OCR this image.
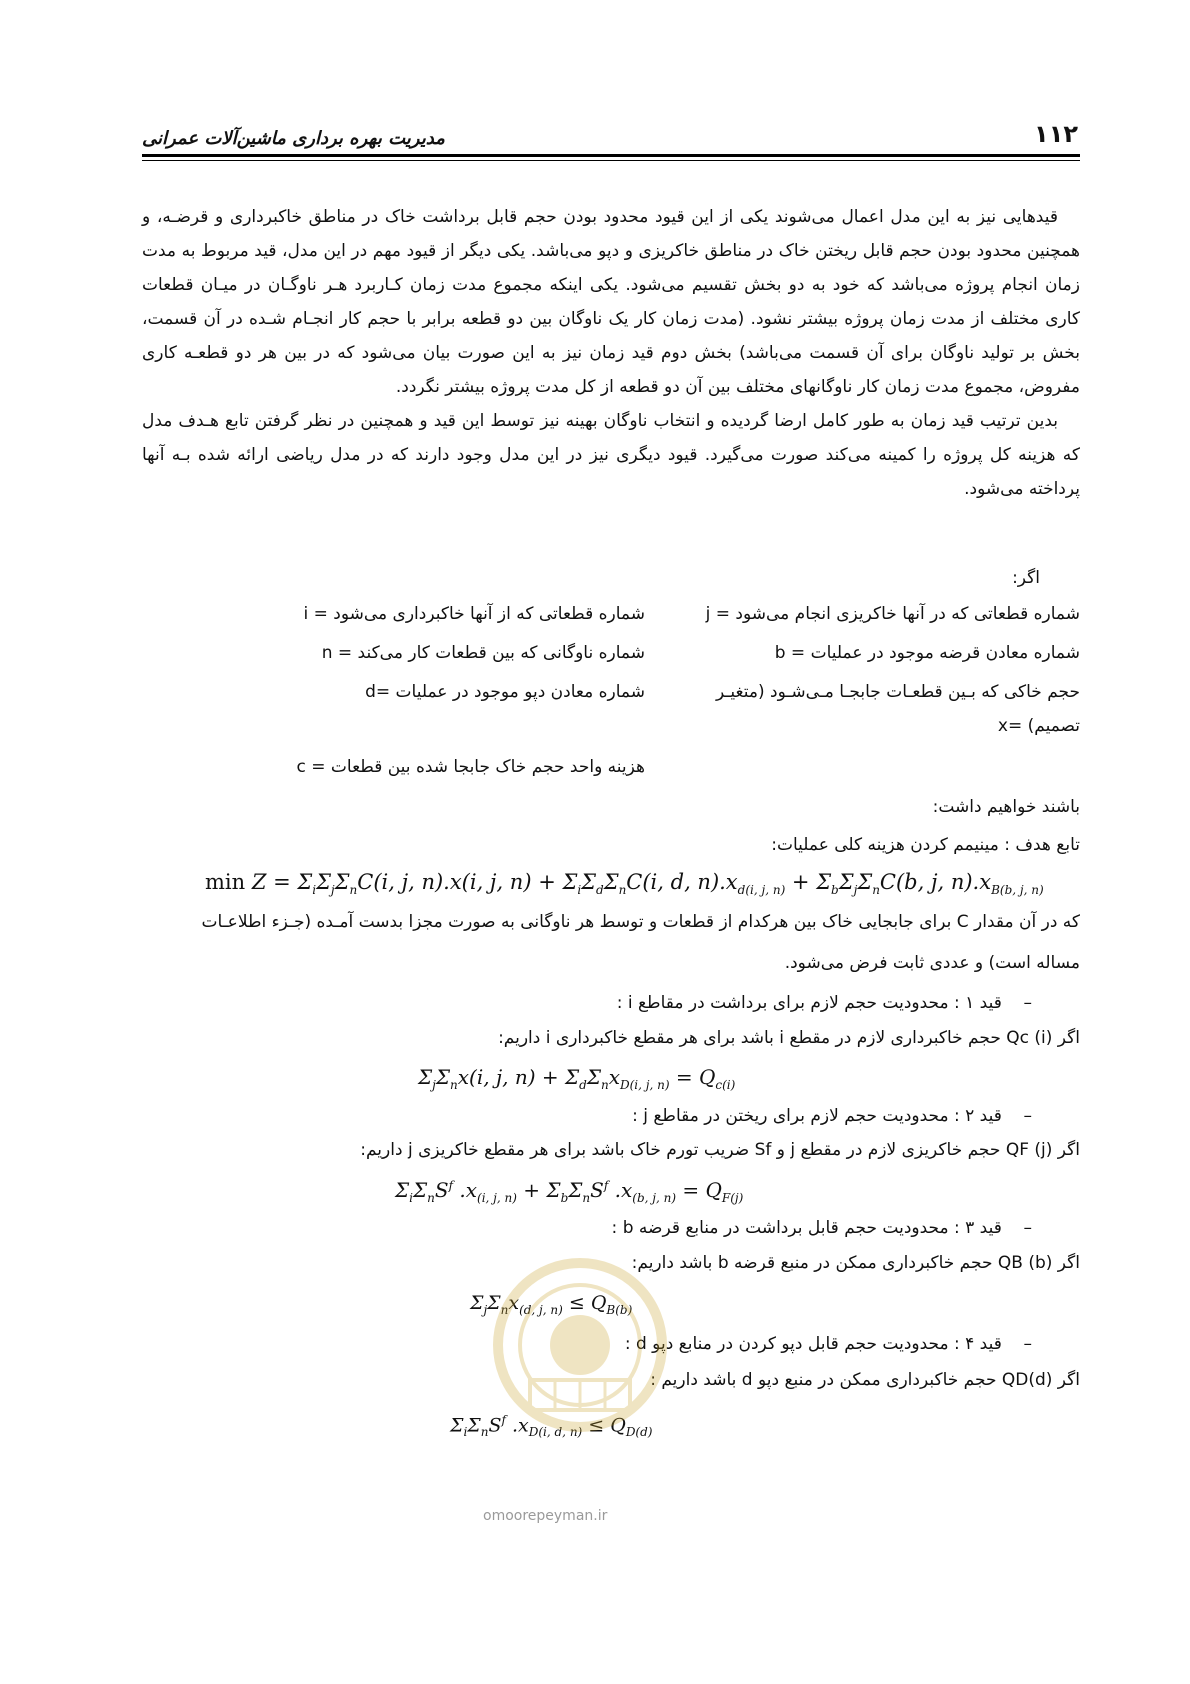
۱۱۲
مدیریت بهره برداری ماشین‌آلات عمرانی

قیدهایی نیز به این مدل اعمال می‌شوند یکی از این قیود محدود بودن حجم قابل برداشت خاک در مناطق خاکبرداری و قرضـه، و همچنین محدود بودن حجم قابل ریختن خاک در مناطق خاکریزی و دپو می‌باشد. یکی دیگر از قیود مهم در این مدل، قید مربوط به مدت زمان انجام پروژه می‌باشد که خود به دو بخش تقسیم می‌شود. یکی اینکه مجموع مدت زمان کـاربرد هـر ناوگـان در میـان قطعات کاری مختلف از مدت زمان پروژه بیشتر نشود. (مدت زمان کار یک ناوگان بین دو قطعه برابر با حجم کار انجـام شـده در آن قسمت، بخش بر تولید ناوگان برای آن قسمت می‌باشد) بخش دوم قید زمان نیز به این صورت بیان می‌شود که در بین هر دو قطعـه کاری مفروض، مجموع مدت زمان کار ناوگانهای مختلف بین آن دو قطعه از کل مدت پروژه بیشتر نگردد.

بدین ترتیب قید زمان به طور کامل ارضا گردیده و انتخاب ناوگان بهینه نیز توسط این قید و همچنین در نظر گرفتن تابع هـدف مدل که هزینه کل پروژه را کمینه می‌کند صورت می‌گیرد. قیود دیگری نیز در این مدل وجود دارند که در مدل ریاضی ارائه شده بـه آنها پرداخته می‌شود.

اگر:
شماره قطعاتی که در آنها خاکریزی انجام می‌شود = j
شماره قطعاتی که از آنها خاکبرداری می‌شود = i
شماره معادن قرضه موجود در عملیات = b
شماره ناوگانی که بین قطعات کار می‌کند = n
حجم خاکی که بـین قطعـات جابجـا مـی‌شـود (متغیـر
شماره معادن دپو موجود در عملیات =d
تصمیم) =x
هزینه واحد حجم خاک جابجا شده بین قطعات = c
باشند خواهیم داشت:
تابع هدف : مینیمم کردن هزینه کلی عملیات:
$\min Z = \Sigma_i\Sigma_j\Sigma_nC(i$, j, n).x(i, j, $n) + \Sigma_i\Sigma_d\Sigma_nC(i$, d, $n).x_{d(i, j, n)} + \Sigma_b\Sigma_j\Sigma_nC(b$, j, $n).x_{B(b, j, n)}$
که در آن مقدار C برای جابجایی خاک بین هرکدام از قطعات و توسط هر ناوگانی به صورت مجزا بدست آمـده (جـزء اطلاعـات
مساله است) و عددی ثابت فرض می‌شود.
–    قید ۱ : محدودیت حجم لازم برای برداشت در مقاطع i :
اگر Qc (i) حجم خاکبرداری لازم در مقطع i باشد برای هر مقطع خاکبرداری i داریم:
$\Sigma_j\Sigma_nx(i$, j, $n) + \Sigma_d\Sigma_nx_{D(i, j, n)} = Q_{c(i)}$
–    قید ۲ : محدودیت حجم لازم برای ریختن در مقاطع j :
اگر QF (j) حجم خاکریزی لازم در مقطع j و Sf ضریب تورم خاک باشد برای هر مقطع خاکریزی j داریم:
$\Sigma_i\Sigma_nS^f$ $.x_{(i, j, n)} + \Sigma_b\Sigma_nS^f$ $.x_{(b, j, n)} = Q_{F(j)}$
–    قید ۳ : محدودیت حجم قابل برداشت در منابع قرضه b :
اگر QB (b) حجم خاکبرداری ممکن در منبع قرضه b باشد داریم:
$\Sigma_j\Sigma_nx_{(d, j, n)} \le Q_{B(b)}$
–    قید ۴ : محدودیت حجم قابل دپو کردن در منابع دپو d :
اگر QD(d) حجم خاکبرداری ممکن در منبع دپو d باشد داریم :
$\Sigma_i\Sigma_nS^f$ $.x_{D(i, d, n)} \le Q_{D(d)}$
omoorepeyman.ir
